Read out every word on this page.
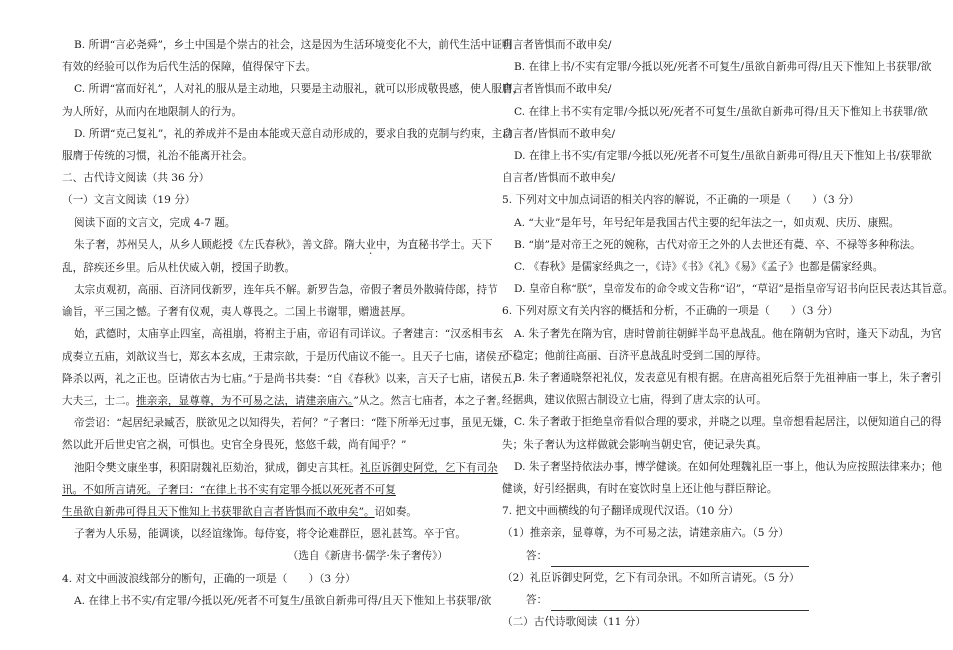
B. 所谓“言必尧舜”，乡土中国是个崇古的社会，这是因为生活环境变化不大，前代生活中证明
有效的经验可以作为后代生活的保障，值得保守下去。
C. 所谓“富而好礼”，人对礼的服从是主动地，只要是主动服礼，就可以形成敬畏感，使人服膺，
为人所好，从而内在地限制人的行为。
D. 所谓“克己复礼”，礼的养成并不是由本能或天意自动形成的，要求自我的克制与约束，主动
服膺于传统的习惯，礼治不能离开社会。
二、古代诗文阅读（共 36 分）
（一）文言文阅读（19 分）
阅读下面的文言文，完成 4-7 题。
朱子奢，苏州吴人，从乡人顾彪授《左氏春秋》，善文辞。隋大业中，为直秘书学士。天下
乱，辞疾还乡里。后从杜伏威入朝，授国子助教。
太宗贞观初，高丽、百济同伐新罗，连年兵不解。新罗告急，帝假子奢员外散骑侍郎，持节
谕旨，平三国之憾。子奢有仪观，夷人尊畏之。二国上书谢罪，赠遗甚厚。
始，武德时，太庙享止四室，高祖崩，将祔主于庙，帝诏有司详议。子奢建言：“汉丞相韦玄
成奏立五庙，刘歆议当七，郑玄本玄成，王肃宗歆，于是历代庙议不能一。且天子七庙，诸侯五
降杀以两，礼之正也。臣请依古为七庙。”于是尚书共奏：“自《春秋》以来，言天子七庙，诸侯五，
大夫三，士二。推亲亲，显尊尊，为不可易之法，请建亲庙六。”从之。然言七庙者，本之子奢。
帝尝诏：“起居纪录臧否，朕欲见之以知得失，若何？”子奢曰：“陛下所举无过事，虽见无嫌，
然以此开后世史官之祸，可惧也。史官全身畏死，悠悠千载，尚有闻乎？”
池阳令樊文康坐事，积阳尉魏礼臣劾治，狱成，御史言其枉。礼臣诉御史阿党，乞下有司杂
讯。不如所言请死。子奢曰：“在律上书不实有定罪今抵以死死者不可复
生虽欲自新弗可得且天下惟知上书获罪欲自言者皆惧而不敢申矣”。诏如奏。
子奢为人乐易，能调谈，以经谊缘饰。每侍宴，将令论难群臣，恩礼甚笃。卒于官。
（选自《新唐书·儒学·朱子奢传》）
4. 对文中画波浪线部分的断句，正确的一项是（　　）（3 分）
A. 在律上书不实/有定罪/今抵以死/死者不可复生/虽欲自新弗可得/且天下惟知上书获罪/欲
自言者皆惧而不敢申矣/
B. 在律上书/不实有定罪/今抵以死/死者不可复生/虽欲自新弗可得/且天下惟知上书获罪/欲
自言者皆惧而不敢申矣/
C. 在律上书不实有定罪/今抵以死/死者不可复生/虽欲自新弗可得/且天下惟知上书获罪/欲
自言者/皆惧而不敢申矣/
D. 在律上书不实/有定罪/今抵以死/死者不可复生/虽欲自新弗可得/且天下惟知上书/获罪欲
自言者/皆惧而不敢申矣/
5. 下列对文中加点词语的相关内容的解说，不正确的一项是（　　）（3 分）
A. “大业”是年号，年号纪年是我国古代主要的纪年法之一，如贞观、庆历、康熙。
B. “崩”是对帝王之死的婉称，古代对帝王之外的人去世还有薨、卒、不禄等多种称法。
C. 《春秋》是儒家经典之一，《诗》《书》《礼》《易》《孟子》也都是儒家经典。
D. 皇帝自称“朕”，皇帝发布的命令或文告称“诏”，“草诏”是指皇帝写诏书向臣民表达其旨意。
6. 下列对原文有关内容的概括和分析，不正确的一项是（　　）（3 分）
A. 朱子奢先在隋为官，唐时曾前往朝鲜半岛平息战乱。他在隋朝为官时，逢天下动乱，为官
不稳定；他前往高丽、百济平息战乱时受到二国的厚待。
B. 朱子奢通晓祭祀礼仪，发表意见有根有据。在唐高祖死后祭于先祖神庙一事上，朱子奢引
经据典，建议依照古制设立七庙，得到了唐太宗的认可。
C. 朱子奢敢于拒绝皇帝看似合理的要求，并晓之以理。皇帝想看起居注，以便知道自己的得
失；朱子奢认为这样做就会影响当朝史官，使记录失真。
D. 朱子奢坚持依法办事，博学健谈。在如何处理魏礼臣一事上，他认为应按照法律来办；他
健谈，好引经据典，有时在宴饮时皇上还让他与群臣辩论。
7. 把文中画横线的句子翻译成现代汉语。（10 分）
（1）推亲亲，显尊尊，为不可易之法，请建亲庙六。（5 分）
答：
（2）礼臣诉御史阿党，乞下有司杂讯。不如所言请死。（5 分）
答：
（二）古代诗歌阅读（11 分）
